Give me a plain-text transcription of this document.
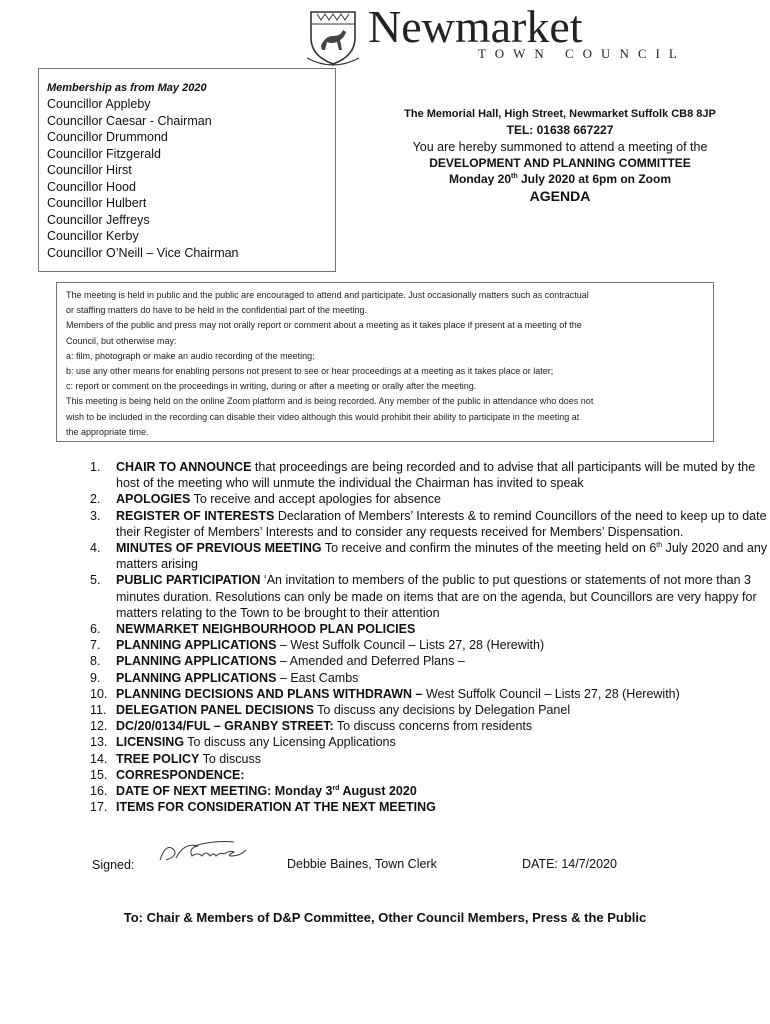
Newmarket
TOWN COUNCIL

Membership as from May 2020

Councillor Appleby

Councillor Caesar - Chairman

Councillor Drummond

Councillor Fitzgerald

Councillor Hirst

Councillor Hood

Councillor Hulbert

Councillor Jeffreys

Councillor Kerby

Councillor O’Neill – Vice Chairman

The Memorial Hall, High Street, Newmarket Suffolk CB8 8JP
TEL: 01638 667227
You are hereby summoned to attend a meeting of the
DEVELOPMENT AND PLANNING COMMITTEE
Monday 20th July 2020 at 6pm on Zoom
AGENDA

The meeting is held in public and the public are encouraged to attend and participate. Just occasionally matters such as contractual

or staffing matters do have to be held in the confidential part of the meeting.

Members of the public and press may not orally report or comment about a meeting as it takes place if present at a meeting of the

Council, but otherwise may:

a: film, photograph or make an audio recording of the meeting;

b: use any other means for enabling persons not present to see or hear proceedings at a meeting as it takes place or later;

c: report or comment on the proceedings in writing, during or after a meeting or orally after the meeting.

This meeting is being held on the online Zoom platform and is being recorded. Any member of the public in attendance who does not

wish to be included in the recording can disable their video although this would prohibit their ability to participate in the meeting at

the appropriate time.

1.	CHAIR TO ANNOUNCE that proceedings are being recorded and to advise that all participants will be muted by the host of the meeting who will unmute the individual the Chairman has invited to speak

2.	APOLOGIES To receive and accept apologies for absence

3.	REGISTER OF INTERESTS Declaration of Members’ Interests & to remind Councillors of the need to keep up to date their Register of Members’ Interests and to consider any requests received for Members’ Dispensation.

4.	MINUTES OF PREVIOUS MEETING To receive and confirm the minutes of the meeting held on 6th July 2020 and any matters arising

5.	PUBLIC PARTICIPATION ‘An invitation to members of the public to put questions or statements of not more than 3 minutes duration. Resolutions can only be made on items that are on the agenda, but Councillors are very happy for matters relating to the Town to be brought to their attention

6.	NEWMARKET NEIGHBOURHOOD PLAN POLICIES

7.	PLANNING APPLICATIONS – West Suffolk Council – Lists 27, 28 (Herewith)

8.	PLANNING APPLICATIONS – Amended and Deferred Plans –

9.	PLANNING APPLICATIONS – East Cambs

10. PLANNING DECISIONS AND PLANS WITHDRAWN – West Suffolk Council – Lists 27, 28 (Herewith)

11. DELEGATION PANEL DECISIONS To discuss any decisions by Delegation Panel

12. DC/20/0134/FUL – GRANBY STREET: To discuss concerns from residents

13. LICENSING To discuss any Licensing Applications

14. TREE POLICY To discuss

15. CORRESPONDENCE:

16. DATE OF NEXT MEETING: Monday 3rd August 2020

17. ITEMS FOR CONSIDERATION AT THE NEXT MEETING

Signed:	Debbie Baines, Town Clerk	DATE: 14/7/2020
To: Chair & Members of D&P Committee, Other Council Members, Press & the Public
